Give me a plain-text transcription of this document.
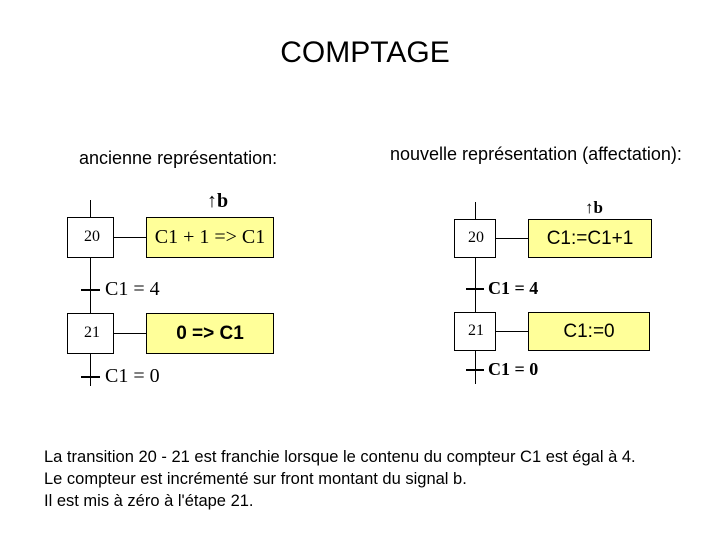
COMPTAGE
ancienne représentation:
20	C1 + 1 => C1
↑b
C1 = 4
21	0 => C1
C1 = 0
nouvelle représentation (affectation):
20	C1:=C1+1
↑b
C1 = 4
21	C1:=0
C1 = 0
La transition 20 - 21 est franchie lorsque le contenu du compteur C1 est égal à 4.
Le compteur est incrémenté sur front montant du signal b.
Il est mis à zéro à l'étape 21.
